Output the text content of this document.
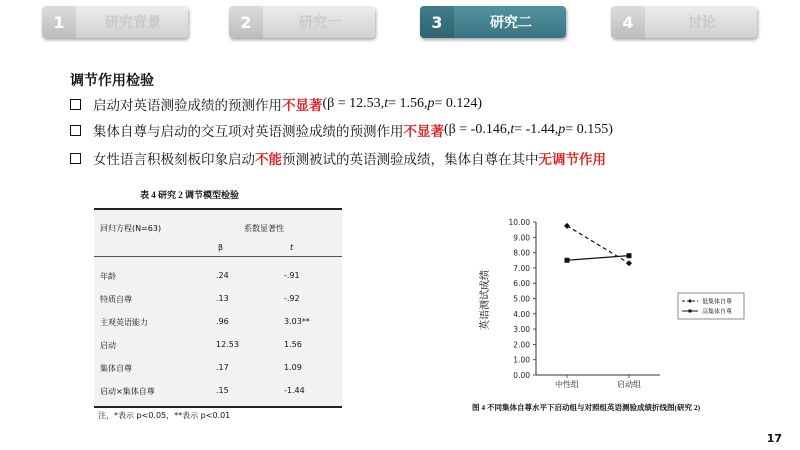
1	研究背景	2	研究一	3	研究二	4	讨论
调节作用检验
启动对英语测验成绩的预测作用 不显著 (β = 12.53, t = 1.56, p = 0.124)
集体自尊与启动的交互项对英语测验成绩的预测作用 不显著 (β = -0.146, t = -1.44, p = 0.155)
女性语言积极刻板印象启动 不能 预测被试的英语测验成绩，集体自尊在其中 无调节作用
表 4 研究 2 调节模型检验
回归方程(N=63)	系数显著性
β	t
年龄	.24	-.91
特质自尊	.13	-.92
主观英语能力	.96	3.03**
启动	12.53	1.56
集体自尊	.17	1.09
启动×集体自尊	.15	-1.44
注，*表示 p<0.05，**表示 p<0.01
英语测试成绩
0.00
1.00
2.00
3.00
4.00
5.00
6.00
7.00
8.00
9.00
10.00
中性组	启动组
低集体自尊
高集体自尊
图 4 不同集体自尊水平下启动组与对照组英语测验成绩折线图(研究 2)
17
